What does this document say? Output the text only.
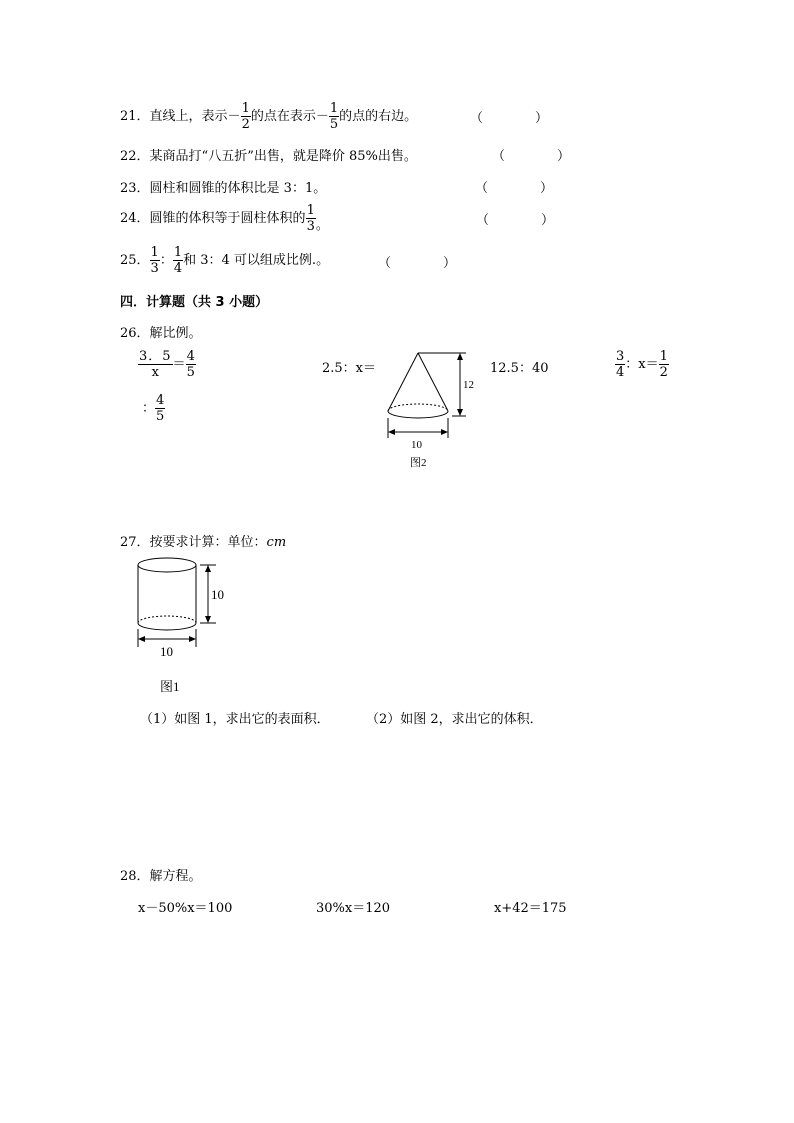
21．直线上，表示－ $\frac{1}{2}$ 的点在表示－ $\frac{1}{5}$ 的点的右边。	（　　　　）
22．某商品打“八五折”出售，就是降价 85%出售。	（　　　　）
23．圆柱和圆锥的体积比是 3：1。	（　　　　）
24．圆锥的体积等于圆柱体积的 $\frac{1}{3}$ 。	（　　　　）
25． $\frac{1}{3}$ ： $\frac{1}{4}$ 和 3：4 可以组成比例.。	（　　　　）
四．计算题（共 3 小题）
26．解比例。
$\frac{3.5}{x} = \frac{4}{5}$
： $\frac{4}{5}$
2.5：x＝	12.5：40	$\frac{3}{4}$ ：$x= \frac{1}{2}$
12
10
图2
27．按要求计算：单位：cm
10
10
图1
（1）如图 1，求出它的表面积．	（2）如图 2，求出它的体积．
28．解方程。
x－50%x＝100	30%x＝120	x+42＝175
